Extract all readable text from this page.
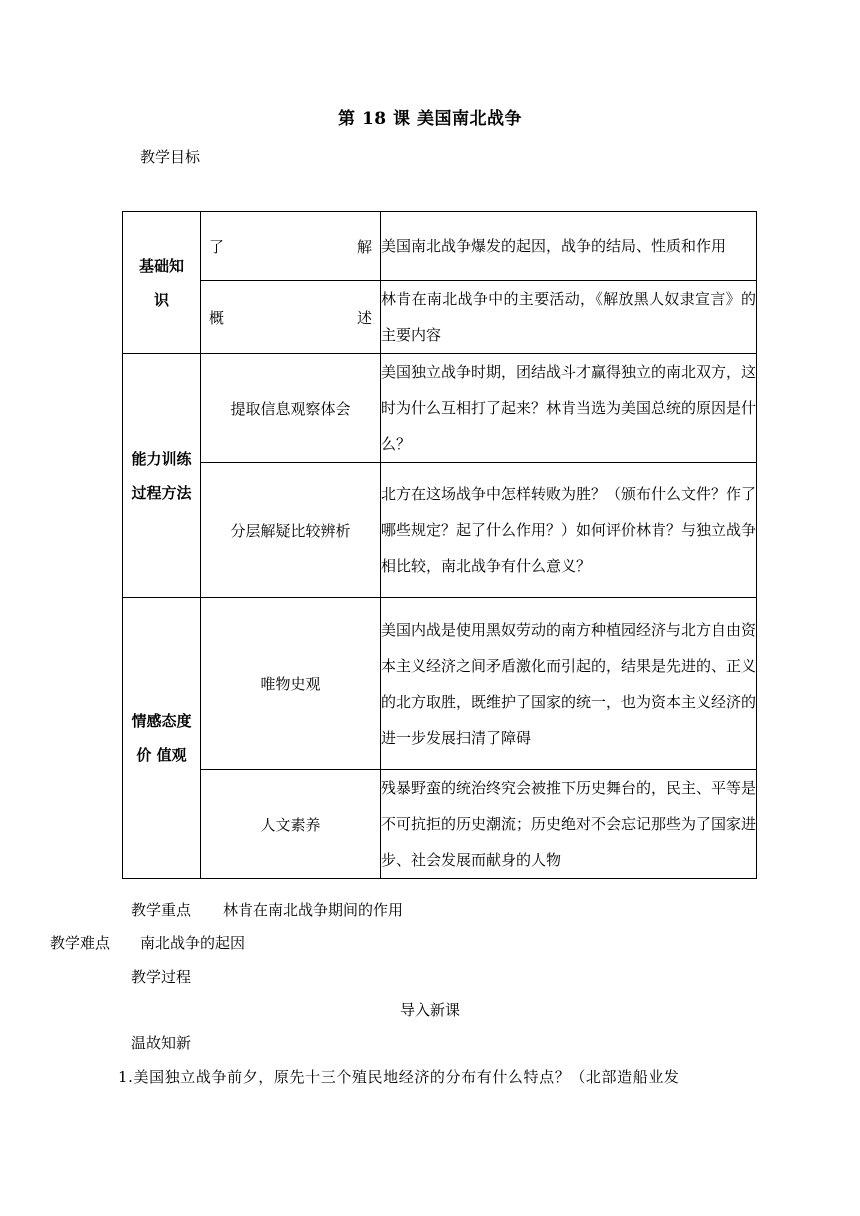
第 18 课 美国南北战争
教学目标
基础知识	了 解	美国南北战争爆发的起因，战争的结局、性质和作用

	概 述	林肯在南北战争中的主要活动，《解放黑人奴隶宣言》的主要内容

能力训练过程方法	提取信息观察体会	美国独立战争时期，团结战斗才赢得独立的南北双方，这时为什么互相打了起来？林肯当选为美国总统的原因是什么？
	分层解疑比较辨析	北方在这场战争中怎样转败为胜？（颁布什么文件？作了哪些规定？起了什么作用？）如何评价林肯？与独立战争相比较，南北战争有什么意义？

情感态度价 值观	唯物史观	美国内战是使用黑奴劳动的南方种植园经济与北方自由资本主义经济之间矛盾激化而引起的，结果是先进的、正义的北方取胜，既维护了国家的统一，也为资本主义经济的进一步发展扫清了障碍
	人文素养	残暴野蛮的统治终究会被推下历史舞台的，民主、平等是不可抗拒的历史潮流；历史绝对不会忘记那些为了国家进步、社会发展而献身的人物
教学重点 林肯在南北战争期间的作用
教学难点 南北战争的起因
教学过程
导入新课
温故知新
1.美国独立战争前夕，原先十三个殖民地经济的分布有什么特点？（北部造船业发
